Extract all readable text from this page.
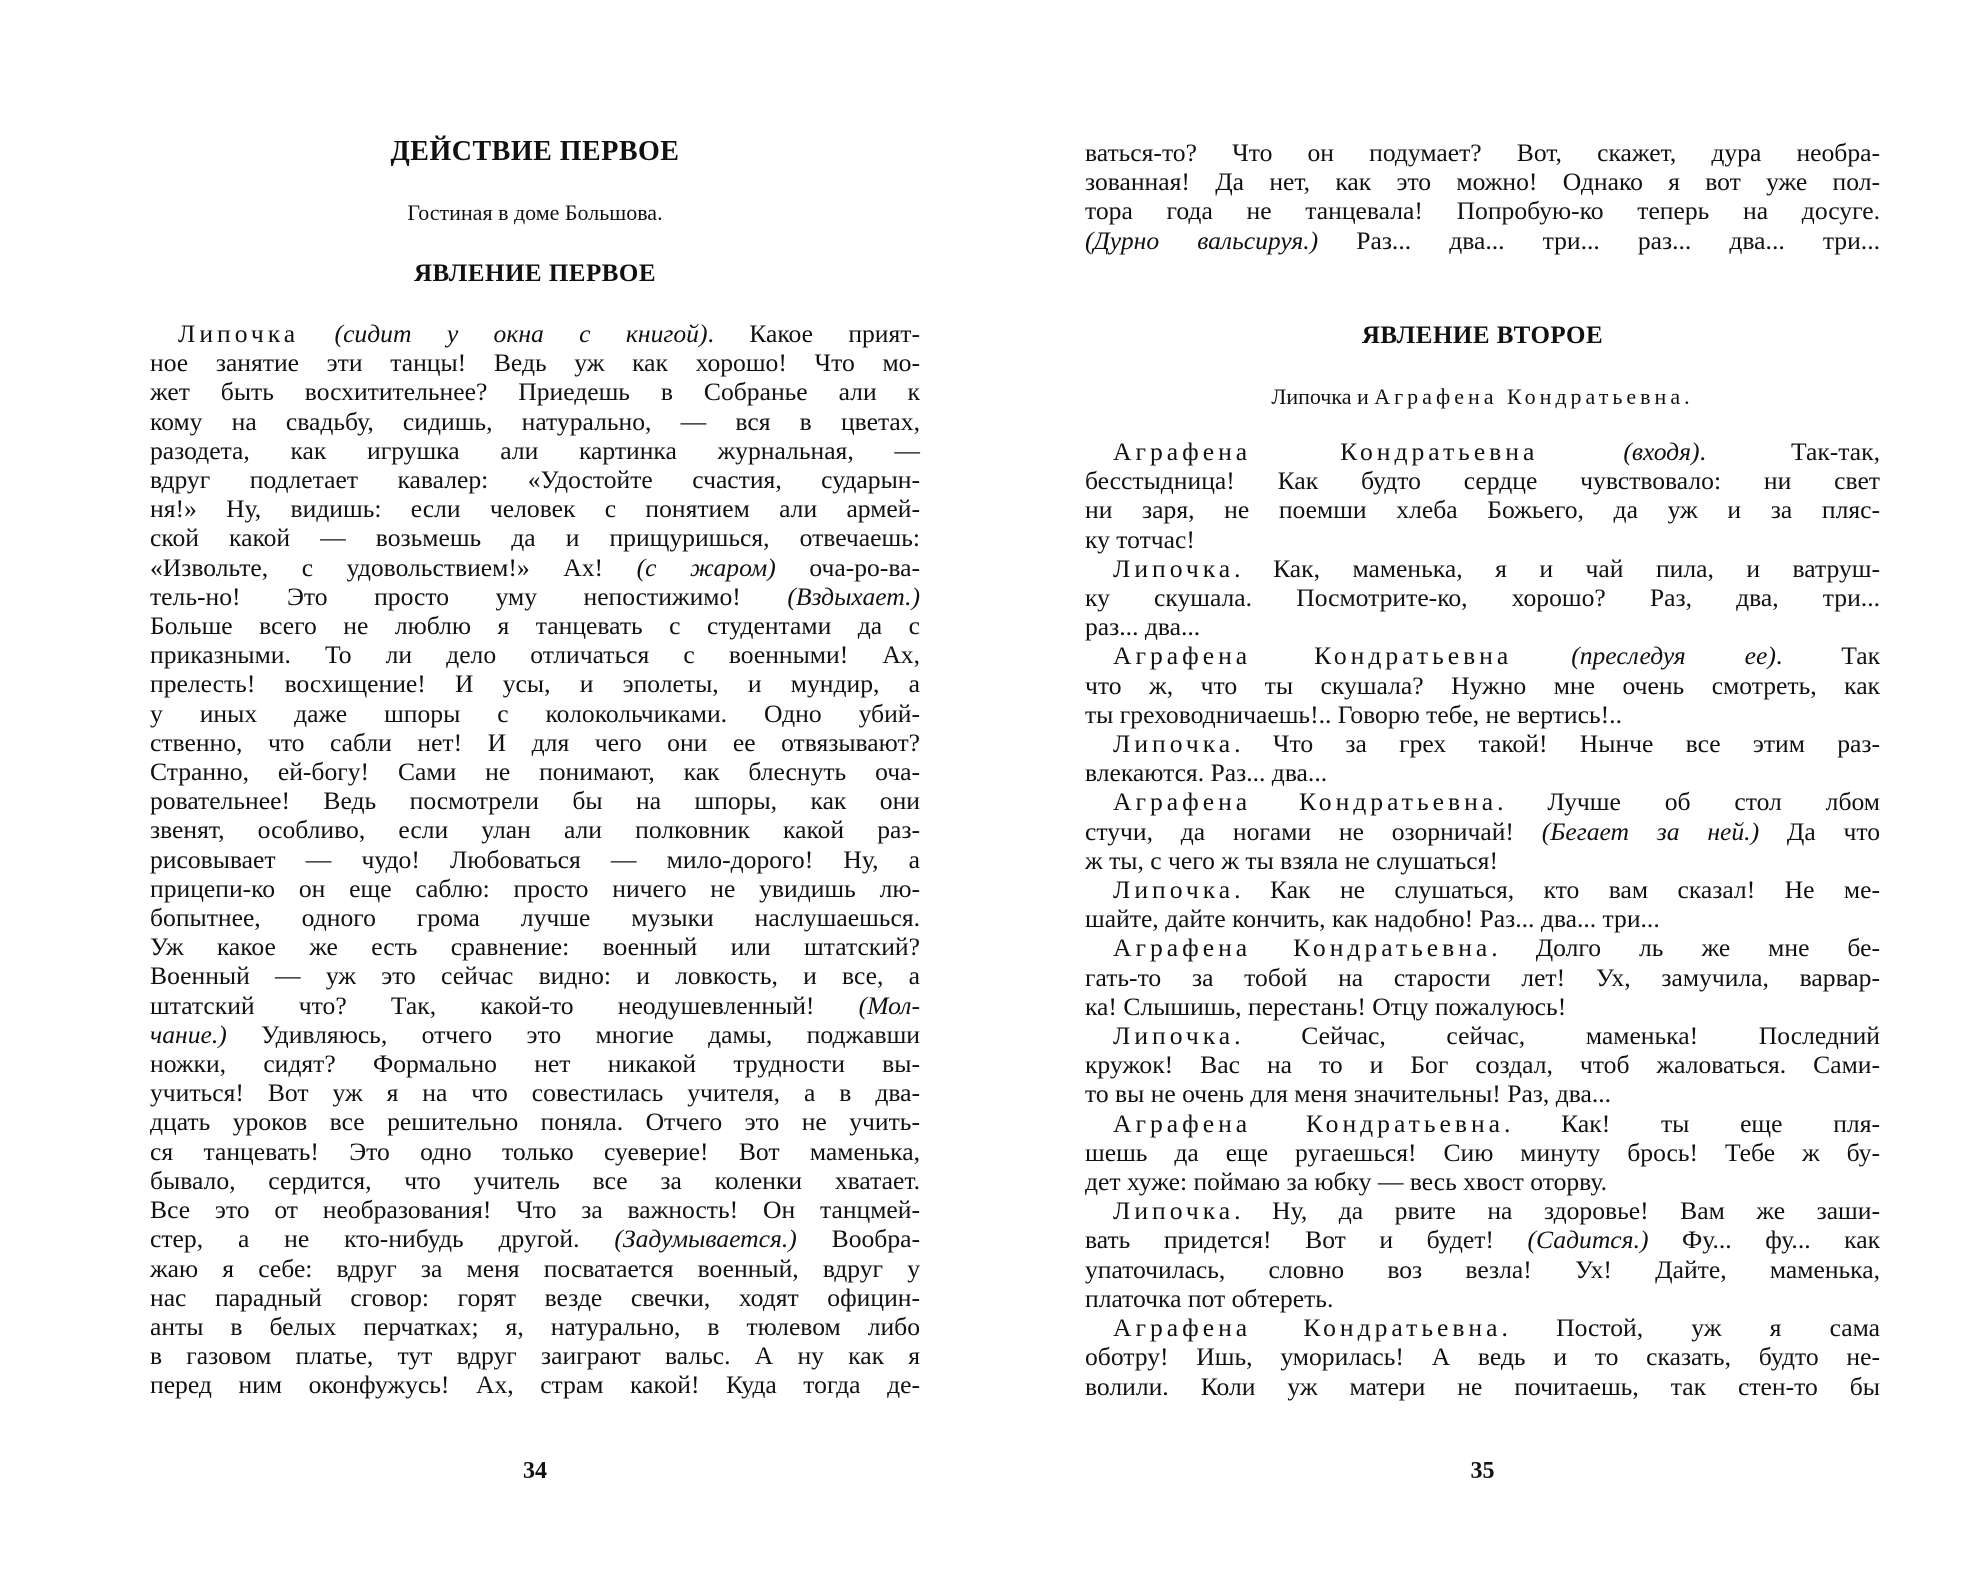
ДЕЙСТВИЕ ПЕРВОЕ
Гостиная в доме Большова.
ЯВЛЕНИЕ ПЕРВОЕ
Липочка (сидит у окна с книгой). Какое прият-
ное занятие эти танцы! Ведь уж как хорошо! Что мо-
жет быть восхитительнее? Приедешь в Собранье али к
кому на свадьбу, сидишь, натурально, — вся в цветах,
разодета, как игрушка али картинка журнальная, —
вдруг подлетает кавалер: «Удостойте счастия, сударын-
ня!» Ну, видишь: если человек с понятием али армей-
ской какой — возьмешь да и прищуришься, отвечаешь:
«Извольте, с удовольствием!» Ах! (с жаром) оча-ро-ва-
тель-но! Это просто уму непостижимо! (Вздыхает.)
Больше всего не люблю я танцевать с студентами да с
приказными. То ли дело отличаться с военными! Ах,
прелесть! восхищение! И усы, и эполеты, и мундир, а
у иных даже шпоры с колокольчиками. Одно убий-
ственно, что сабли нет! И для чего они ее отвязывают?
Странно, ей-богу! Сами не понимают, как блеснуть оча-
ровательнее! Ведь посмотрели бы на шпоры, как они
звенят, особливо, если улан али полковник какой раз-
рисовывает — чудо! Любоваться — мило-дорого! Ну, а
прицепи-ко он еще саблю: просто ничего не увидишь лю-
бопытнее, одного грома лучше музыки наслушаешься.
Уж какое же есть сравнение: военный или штатский?
Военный — уж это сейчас видно: и ловкость, и все, а
штатский что? Так, какой-то неодушевленный! (Мол-
чание.) Удивляюсь, отчего это многие дамы, поджавши
ножки, сидят? Формально нет никакой трудности вы-
учиться! Вот уж я на что совестилась учителя, а в два-
дцать уроков все решительно поняла. Отчего это не учить-
ся танцевать! Это одно только суеверие! Вот маменька,
бывало, сердится, что учитель все за коленки хватает.
Все это от необразования! Что за важность! Он танцмей-
стер, а не кто-нибудь другой. (Задумывается.) Вообра-
жаю я себе: вдруг за меня посватается военный, вдруг у
нас парадный сговор: горят везде свечки, ходят официн-
анты в белых перчатках; я, натурально, в тюлевом либо
в газовом платье, тут вдруг заиграют вальс. А ну как я
перед ним оконфужусь! Ах, страм какой! Куда тогда де-
34
ваться-то? Что он подумает? Вот, скажет, дура необра-
зованная! Да нет, как это можно! Однако я вот уже пол-
тора года не танцевала! Попробую-ко теперь на досуге.
(Дурно вальсируя.) Раз... два... три... раз... два... три...
ЯВЛЕНИЕ ВТОРОЕ
Липочка и Аграфена Кондратьевна.
Аграфена Кондратьевна	(входя). Так-так,
бесстыдница! Как будто сердце чувствовало: ни свет
ни заря, не поемши хлеба Божьего, да уж и за пляс-
ку тотчас!
Липочка. Как, маменька, я и чай пила, и ватруш-
ку скушала. Посмотрите-ко, хорошо? Раз, два, три...
раз... два...
Аграфена Кондратьевна (преследуя ее). Так
что ж, что ты скушала? Нужно мне очень смотреть, как
ты греховодничаешь!.. Говорю тебе, не вертись!..
Липочка. Что за грех такой! Нынче все этим раз-
влекаются. Раз... два...
Аграфена Кондратьевна. Лучше об стол лбом
стучи, да ногами не озорничай! (Бегает за ней.) Да что
ж ты, с чего ж ты взяла не слушаться!
Липочка. Как не слушаться, кто вам сказал! Не ме-
шайте, дайте кончить, как надобно! Раз... два... три...
Аграфена Кондратьевна. Долго ль же мне бе-
гать-то за тобой на старости лет! Ух, замучила, варвар-
ка! Слышишь, перестань! Отцу пожалуюсь!
Липочка. Сейчас, сейчас, маменька! Последний
кружок! Вас на то и Бог создал, чтоб жаловаться. Сами-
то вы не очень для меня значительны! Раз, два...
Аграфена Кондратьевна. Как! ты еще пля-
шешь да еще ругаешься! Сию минуту брось! Тебе ж бу-
дет хуже: поймаю за юбку — весь хвост оторву.
Липочка. Ну, да рвите на здоровье! Вам же заши-
вать придется! Вот и будет! (Садится.) Фу... фу... как
упаточилась, словно воз везла! Ух! Дайте, маменька,
платочка пот обтереть.
Аграфена Кондратьевна. Постой, уж я сама
оботру! Ишь, уморилась! А ведь и то сказать, будто не-
волили. Коли уж матери не почитаешь, так стен-то бы
35
